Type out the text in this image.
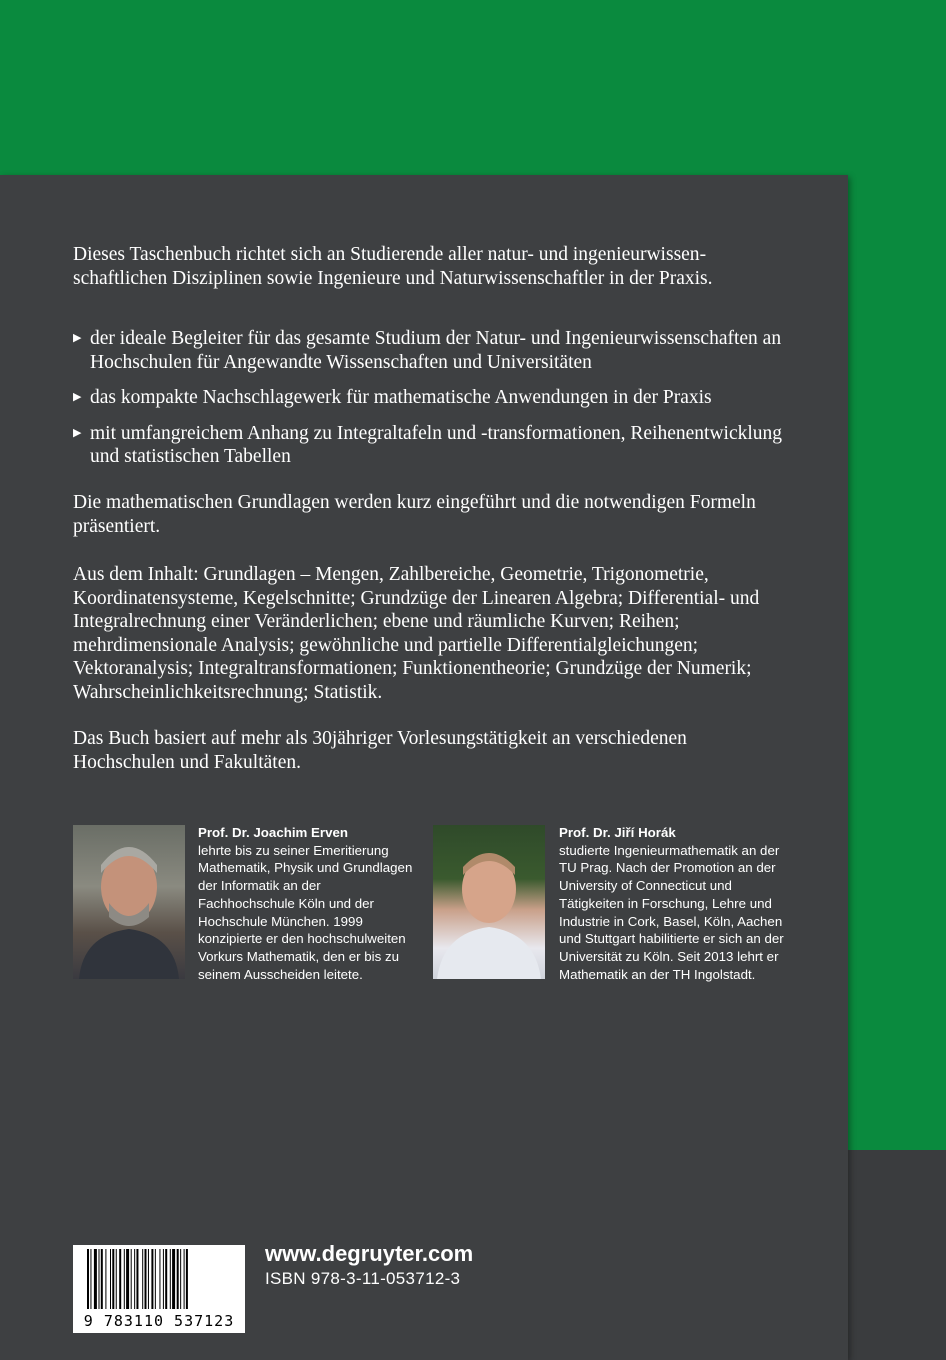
Dieses Taschenbuch richtet sich an Studierende aller natur- und ingenieurwissenschaftlichen Disziplinen sowie Ingenieure und Naturwissenschaftler in der Praxis.
▶ der ideale Begleiter für das gesamte Studium der Natur- und Ingenieurwissenschaften an Hochschulen für Angewandte Wissenschaften und Universitäten
▶ das kompakte Nachschlagewerk für mathematische Anwendungen in der Praxis
▶ mit umfangreichem Anhang zu Integraltafeln und -transformationen, Reihenentwicklung und statistischen Tabellen
Die mathematischen Grundlagen werden kurz eingeführt und die notwendigen Formeln präsentiert.
Aus dem Inhalt: Grundlagen – Mengen, Zahlbereiche, Geometrie, Trigonometrie, Koordinatensysteme, Kegelschnitte; Grundzüge der Linearen Algebra; Differential- und Integralrechnung einer Veränderlichen; ebene und räumliche Kurven; Reihen; mehrdimensionale Analysis; gewöhnliche und partielle Differentialgleichungen; Vektoranalysis; Integraltransformationen; Funktionentheorie; Grundzüge der Numerik; Wahrscheinlichkeitsrechnung; Statistik.
Das Buch basiert auf mehr als 30jähriger Vorlesungstätigkeit an verschiedenen Hochschulen und Fakultäten.
Prof. Dr. Joachim Erven
lehrte bis zu seiner Emeritierung Mathematik, Physik und Grundlagen der Informatik an der Fachhochschule Köln und der Hochschule München. 1999 konzipierte er den hochschulweiten Vorkurs Mathematik, den er bis zu seinem Ausscheiden leitete.
Prof. Dr. Jiří Horák
studierte Ingenieurmathematik an der TU Prag. Nach der Promotion an der University of Connecticut und Tätigkeiten in Forschung, Lehre und Industrie in Cork, Basel, Köln, Aachen und Stuttgart habilitierte er sich an der Universität zu Köln. Seit 2013 lehrt er Mathematik an der TH Ingolstadt.
9 783110 537123
www.degruyter.com
ISBN 978-3-11-053712-3
